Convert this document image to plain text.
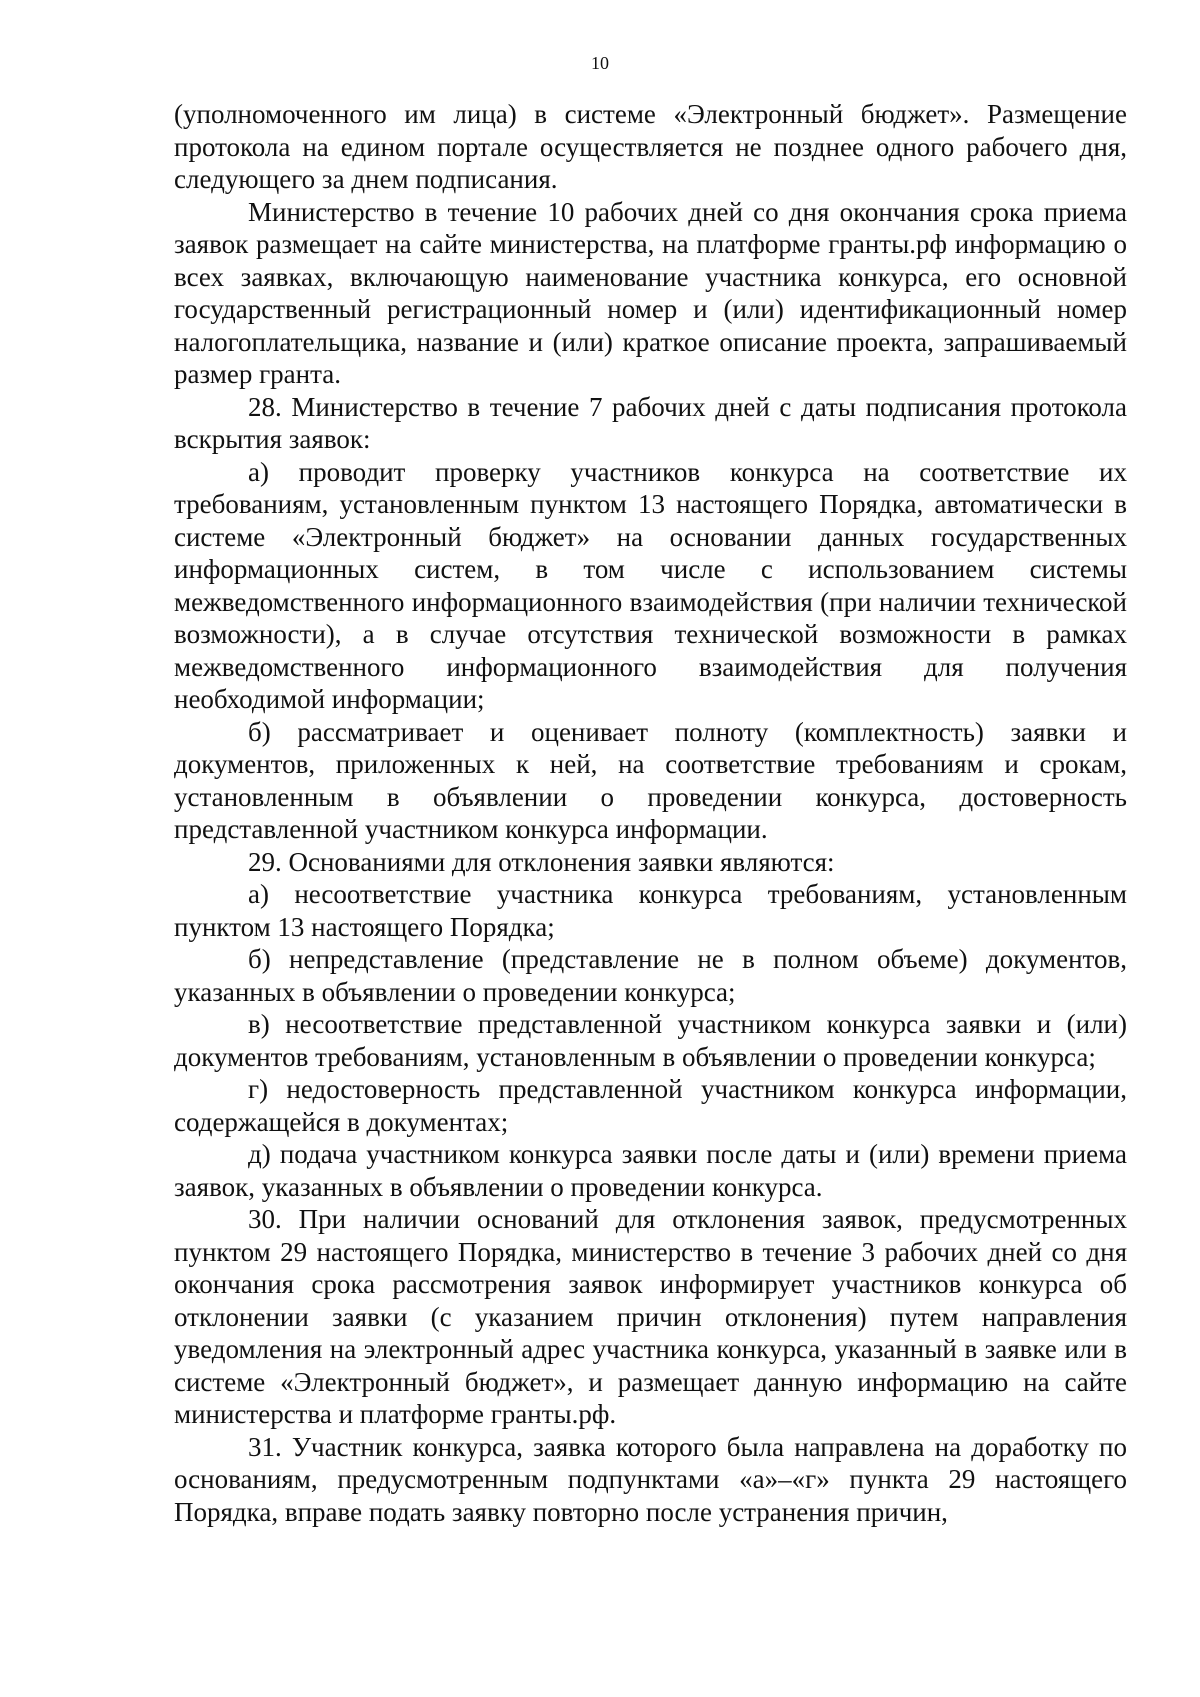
10

(уполномоченного им лица) в системе «Электронный бюджет». Размещение протокола на едином портале осуществляется не позднее одного рабочего дня, следующего за днем подписания.

Министерство в течение 10 рабочих дней со дня окончания срока приема заявок размещает на сайте министерства, на платформе гранты.рф информацию о всех заявках, включающую наименование участника конкурса, его основной государственный регистрационный номер и (или) идентификационный номер налогоплательщика, название и (или) краткое описание проекта, запрашиваемый размер гранта.

28. Министерство в течение 7 рабочих дней с даты подписания протокола вскрытия заявок:

а) проводит проверку участников конкурса на соответствие их требованиям, установленным пунктом 13 настоящего Порядка, автоматически в системе «Электронный бюджет» на основании данных государственных информационных систем, в том числе с использованием системы межведомственного информационного взаимодействия (при наличии технической возможности), а в случае отсутствия технической возможности в рамках межведомственного информационного взаимодействия для получения необходимой информации;

б) рассматривает и оценивает полноту (комплектность) заявки и документов, приложенных к ней, на соответствие требованиям и срокам, установленным в объявлении о проведении конкурса, достоверность представленной участником конкурса информации.

29. Основаниями для отклонения заявки являются:

а) несоответствие участника конкурса требованиям, установленным пунктом 13 настоящего Порядка;

б) непредставление (представление не в полном объеме) документов, указанных в объявлении о проведении конкурса;

в) несоответствие представленной участником конкурса заявки и (или) документов требованиям, установленным в объявлении о проведении конкурса;

г) недостоверность представленной участником конкурса информации, содержащейся в документах;

д) подача участником конкурса заявки после даты и (или) времени приема заявок, указанных в объявлении о проведении конкурса.

30. При наличии оснований для отклонения заявок, предусмотренных пунктом 29 настоящего Порядка, министерство в течение 3 рабочих дней со дня окончания срока рассмотрения заявок информирует участников конкурса об отклонении заявки (с указанием причин отклонения) путем направления уведомления на электронный адрес участника конкурса, указанный в заявке или в системе «Электронный бюджет», и размещает данную информацию на сайте министерства и платформе гранты.рф.

31. Участник конкурса, заявка которого была направлена на доработку по основаниям, предусмотренным подпунктами «а»–«г» пункта 29 настоящего Порядка, вправе подать заявку повторно после устранения причин,
